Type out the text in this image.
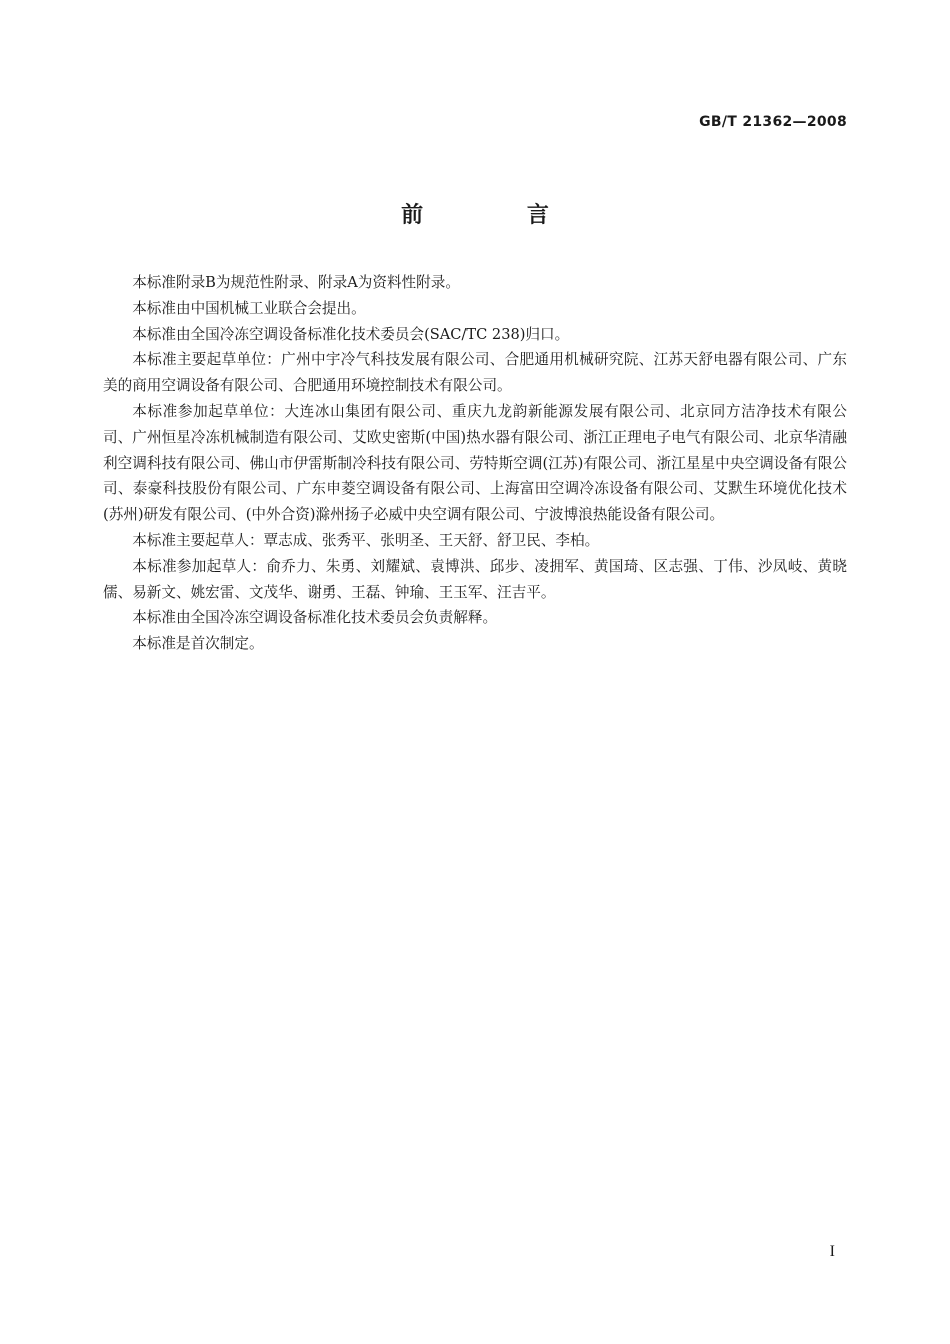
GB/T 21362—2008
前 言

本标准附录B为规范性附录、附录A为资料性附录。

本标准由中国机械工业联合会提出。

本标准由全国冷冻空调设备标准化技术委员会(SAC/TC 238)归口。

本标准主要起草单位：广州中宇冷气科技发展有限公司、合肥通用机械研究院、江苏天舒电器有限公司、广东美的商用空调设备有限公司、合肥通用环境控制技术有限公司。

本标准参加起草单位：大连冰山集团有限公司、重庆九龙韵新能源发展有限公司、北京同方洁净技术有限公司、广州恒星冷冻机械制造有限公司、艾欧史密斯(中国)热水器有限公司、浙江正理电子电气有限公司、北京华清融利空调科技有限公司、佛山市伊雷斯制冷科技有限公司、劳特斯空调(江苏)有限公司、浙江星星中央空调设备有限公司、泰豪科技股份有限公司、广东申菱空调设备有限公司、上海富田空调冷冻设备有限公司、艾默生环境优化技术(苏州)研发有限公司、(中外合资)滁州扬子必威中央空调有限公司、宁波博浪热能设备有限公司。

本标准主要起草人：覃志成、张秀平、张明圣、王天舒、舒卫民、李柏。

本标准参加起草人：俞乔力、朱勇、刘耀斌、袁博洪、邱步、凌拥军、黄国琦、区志强、丁伟、沙凤岐、黄晓儒、易新文、姚宏雷、文茂华、谢勇、王磊、钟瑜、王玉军、汪吉平。

本标准由全国冷冻空调设备标准化技术委员会负责解释。

本标准是首次制定。

I
